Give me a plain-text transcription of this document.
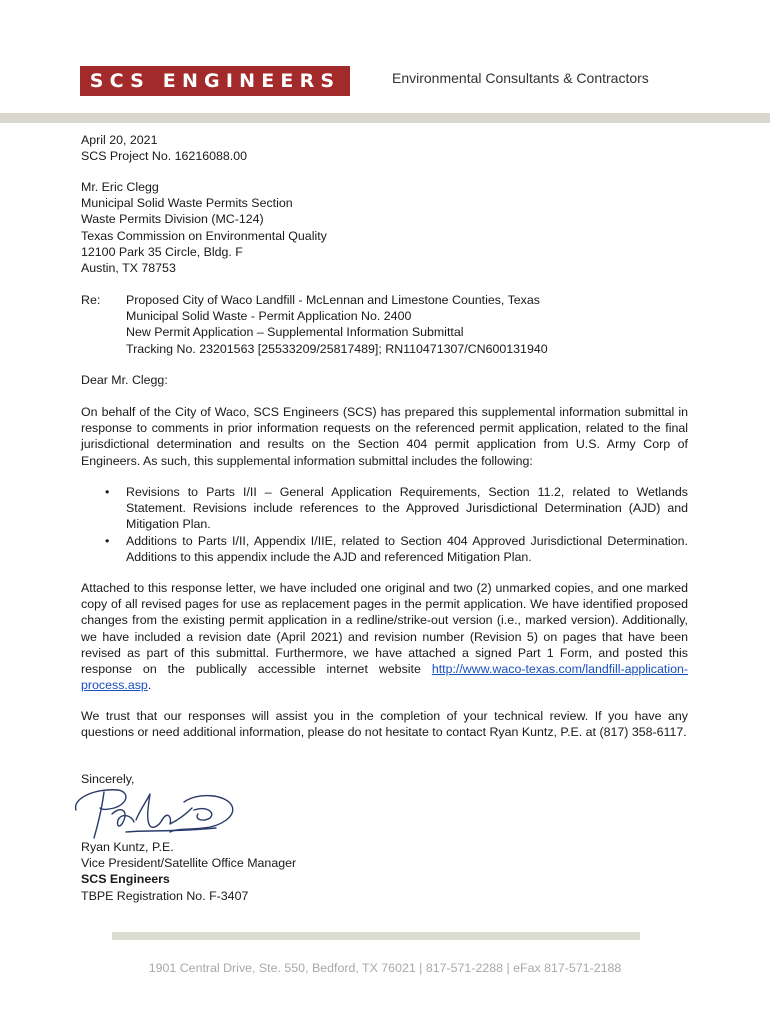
SCS ENGINEERS	Environmental Consultants & Contractors

April 20, 2021

SCS Project No. 16216088.00

Mr. Eric Clegg

Municipal Solid Waste Permits Section

Waste Permits Division (MC-124)

Texas Commission on Environmental Quality

12100 Park 35 Circle, Bldg. F

Austin, TX 78753

Re: Proposed City of Waco Landfill - McLennan and Limestone Counties, Texas

Municipal Solid Waste - Permit Application No. 2400

New Permit Application – Supplemental Information Submittal

Tracking No. 23201563 [25533209/25817489]; RN110471307/CN600131940

Dear Mr. Clegg:
On behalf of the City of Waco, SCS Engineers (SCS) has prepared this supplemental information submittal in response to comments in prior information requests on the referenced permit application, related to the final jurisdictional determination and results on the Section 404 permit application from U.S. Army Corp of Engineers. As such, this supplemental information submittal includes the following:
• Revisions to Parts I/II – General Application Requirements, Section 11.2, related to Wetlands Statement. Revisions include references to the Approved Jurisdictional Determination (AJD) and Mitigation Plan.
• Additions to Parts I/II, Appendix I/IIE, related to Section 404 Approved Jurisdictional Determination. Additions to this appendix include the AJD and referenced Mitigation Plan.
Attached to this response letter, we have included one original and two (2) unmarked copies, and one marked copy of all revised pages for use as replacement pages in the permit application. We have identified proposed changes from the existing permit application in a redline/strike-out version (i.e., marked version). Additionally, we have included a revision date (April 2021) and revision number (Revision 5) on pages that have been revised as part of this submittal. Furthermore, we have attached a signed Part 1 Form, and posted this response on the publically accessible internet website http://www.waco-texas.com/landfill-application-process.asp.
We trust that our responses will assist you in the completion of your technical review. If you have any questions or need additional information, please do not hesitate to contact Ryan Kuntz, P.E. at (817) 358-6117.
Sincerely,

Ryan Kuntz, P.E.

Vice President/Satellite Office Manager

SCS Engineers

TBPE Registration No. F-3407

1901 Central Drive, Ste. 550, Bedford, TX 76021 | 817-571-2288 | eFax 817-571-2188
